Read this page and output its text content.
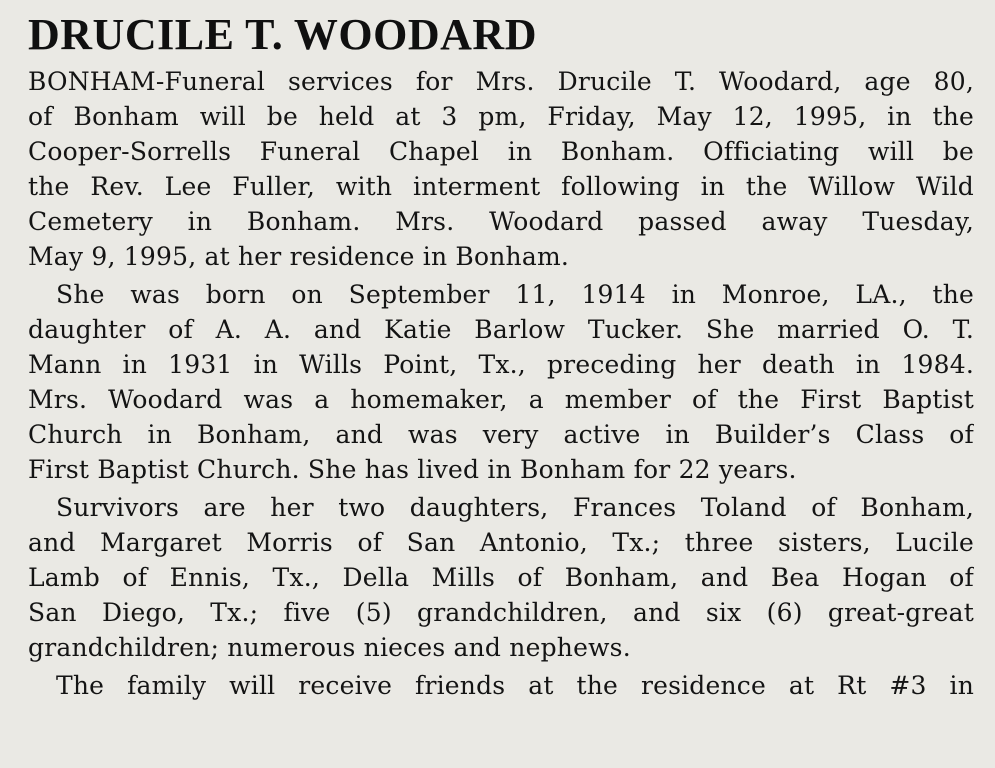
DRUCILE T. WOODARD

BONHAM-Funeral services for Mrs. Drucile T. Woodard, age 80,
of Bonham will be held at 3 pm, Friday, May 12, 1995, in the
Cooper-Sorrells Funeral Chapel in Bonham. Officiating will be
the Rev. Lee Fuller, with interment following in the Willow Wild
Cemetery in Bonham. Mrs. Woodard passed away Tuesday,
May 9, 1995, at her residence in Bonham.

She was born on September 11, 1914 in Monroe, LA., the
daughter of A. A. and Katie Barlow Tucker. She married O. T.
Mann in 1931 in Wills Point, Tx., preceding her death in 1984.
Mrs. Woodard was a homemaker, a member of the First Baptist
Church in Bonham, and was very active in Builder’s Class of
First Baptist Church. She has lived in Bonham for 22 years.

Survivors are her two daughters, Frances Toland of Bonham,
and Margaret Morris of San Antonio, Tx.; three sisters, Lucile
Lamb of Ennis, Tx., Della Mills of Bonham, and Bea Hogan of
San Diego, Tx.; five (5) grandchildren, and six (6) great-great
grandchildren; numerous nieces and nephews.

The family will receive friends at the residence at Rt #3 in
